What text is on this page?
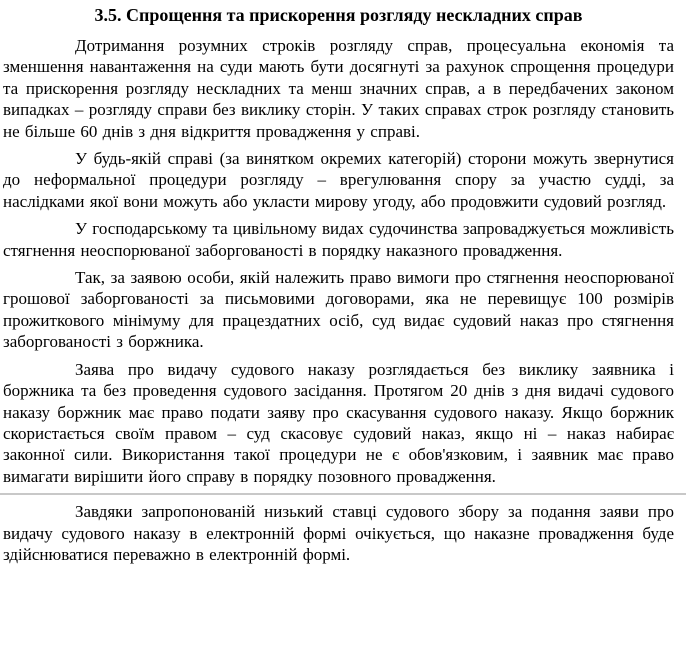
3.5. Спрощення та прискорення розгляду нескладних справ

Дотримання розумних строків розгляду справ, процесуальна економія та зменшення навантаження на суди мають бути досягнуті за рахунок спрощення процедури та прискорення розгляду нескладних та менш значних справ, а в передбачених законом випадках – розгляду справи без виклику сторін. У таких справах строк розгляду становить не більше 60 днів з дня відкриття провадження у справі.

У будь-якій справі (за винятком окремих категорій) сторони можуть звернутися до неформальної процедури розгляду – врегулювання спору за участю судді, за наслідками якої вони можуть або укласти мирову угоду, або продовжити судовий розгляд.

У господарському та цивільному видах судочинства запроваджується можливість стягнення неоспорюваної заборгованості в порядку наказного провадження.

Так, за заявою особи, якій належить право вимоги про стягнення неоспорюваної грошової заборгованості за письмовими договорами, яка не перевищує 100 розмірів прожиткового мінімуму для працездатних осіб, суд видає судовий наказ про стягнення заборгованості з боржника.

Заява про видачу судового наказу розглядається без виклику заявника і боржника та без проведення судового засідання. Протягом 20 днів з дня видачі судового наказу боржник має право подати заяву про скасування судового наказу. Якщо боржник скористається своїм правом – суд скасовує судовий наказ, якщо ні – наказ набирає законної сили. Використання такої процедури не є обов'язковим, і заявник має право вимагати вирішити його справу в порядку позовного провадження.

Завдяки запропонованій низький ставці судового збору за подання заяви про видачу судового наказу в електронній формі очікується, що наказне провадження буде здійснюватися переважно в електронній формі.
